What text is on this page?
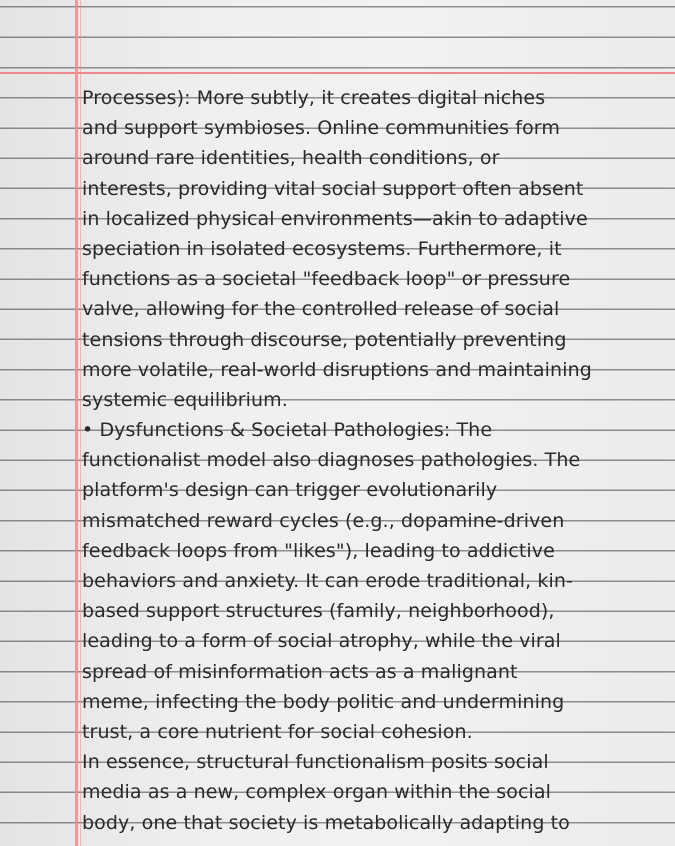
Processes): More subtly, it creates digital niches
and support symbioses. Online communities form
around rare identities, health conditions, or
interests, providing vital social support often absent
in localized physical environments—akin to adaptive
speciation in isolated ecosystems. Furthermore, it
functions as a societal "feedback loop" or pressure
valve, allowing for the controlled release of social
tensions through discourse, potentially preventing
more volatile, real-world disruptions and maintaining
systemic equilibrium.
• Dysfunctions & Societal Pathologies: The
functionalist model also diagnoses pathologies. The
platform's design can trigger evolutionarily
mismatched reward cycles (e.g., dopamine-driven
feedback loops from "likes"), leading to addictive
behaviors and anxiety. It can erode traditional, kin-
based support structures (family, neighborhood),
leading to a form of social atrophy, while the viral
spread of misinformation acts as a malignant
meme, infecting the body politic and undermining
trust, a core nutrient for social cohesion.
In essence, structural functionalism posits social
media as a new, complex organ within the social
body, one that society is metabolically adapting to
